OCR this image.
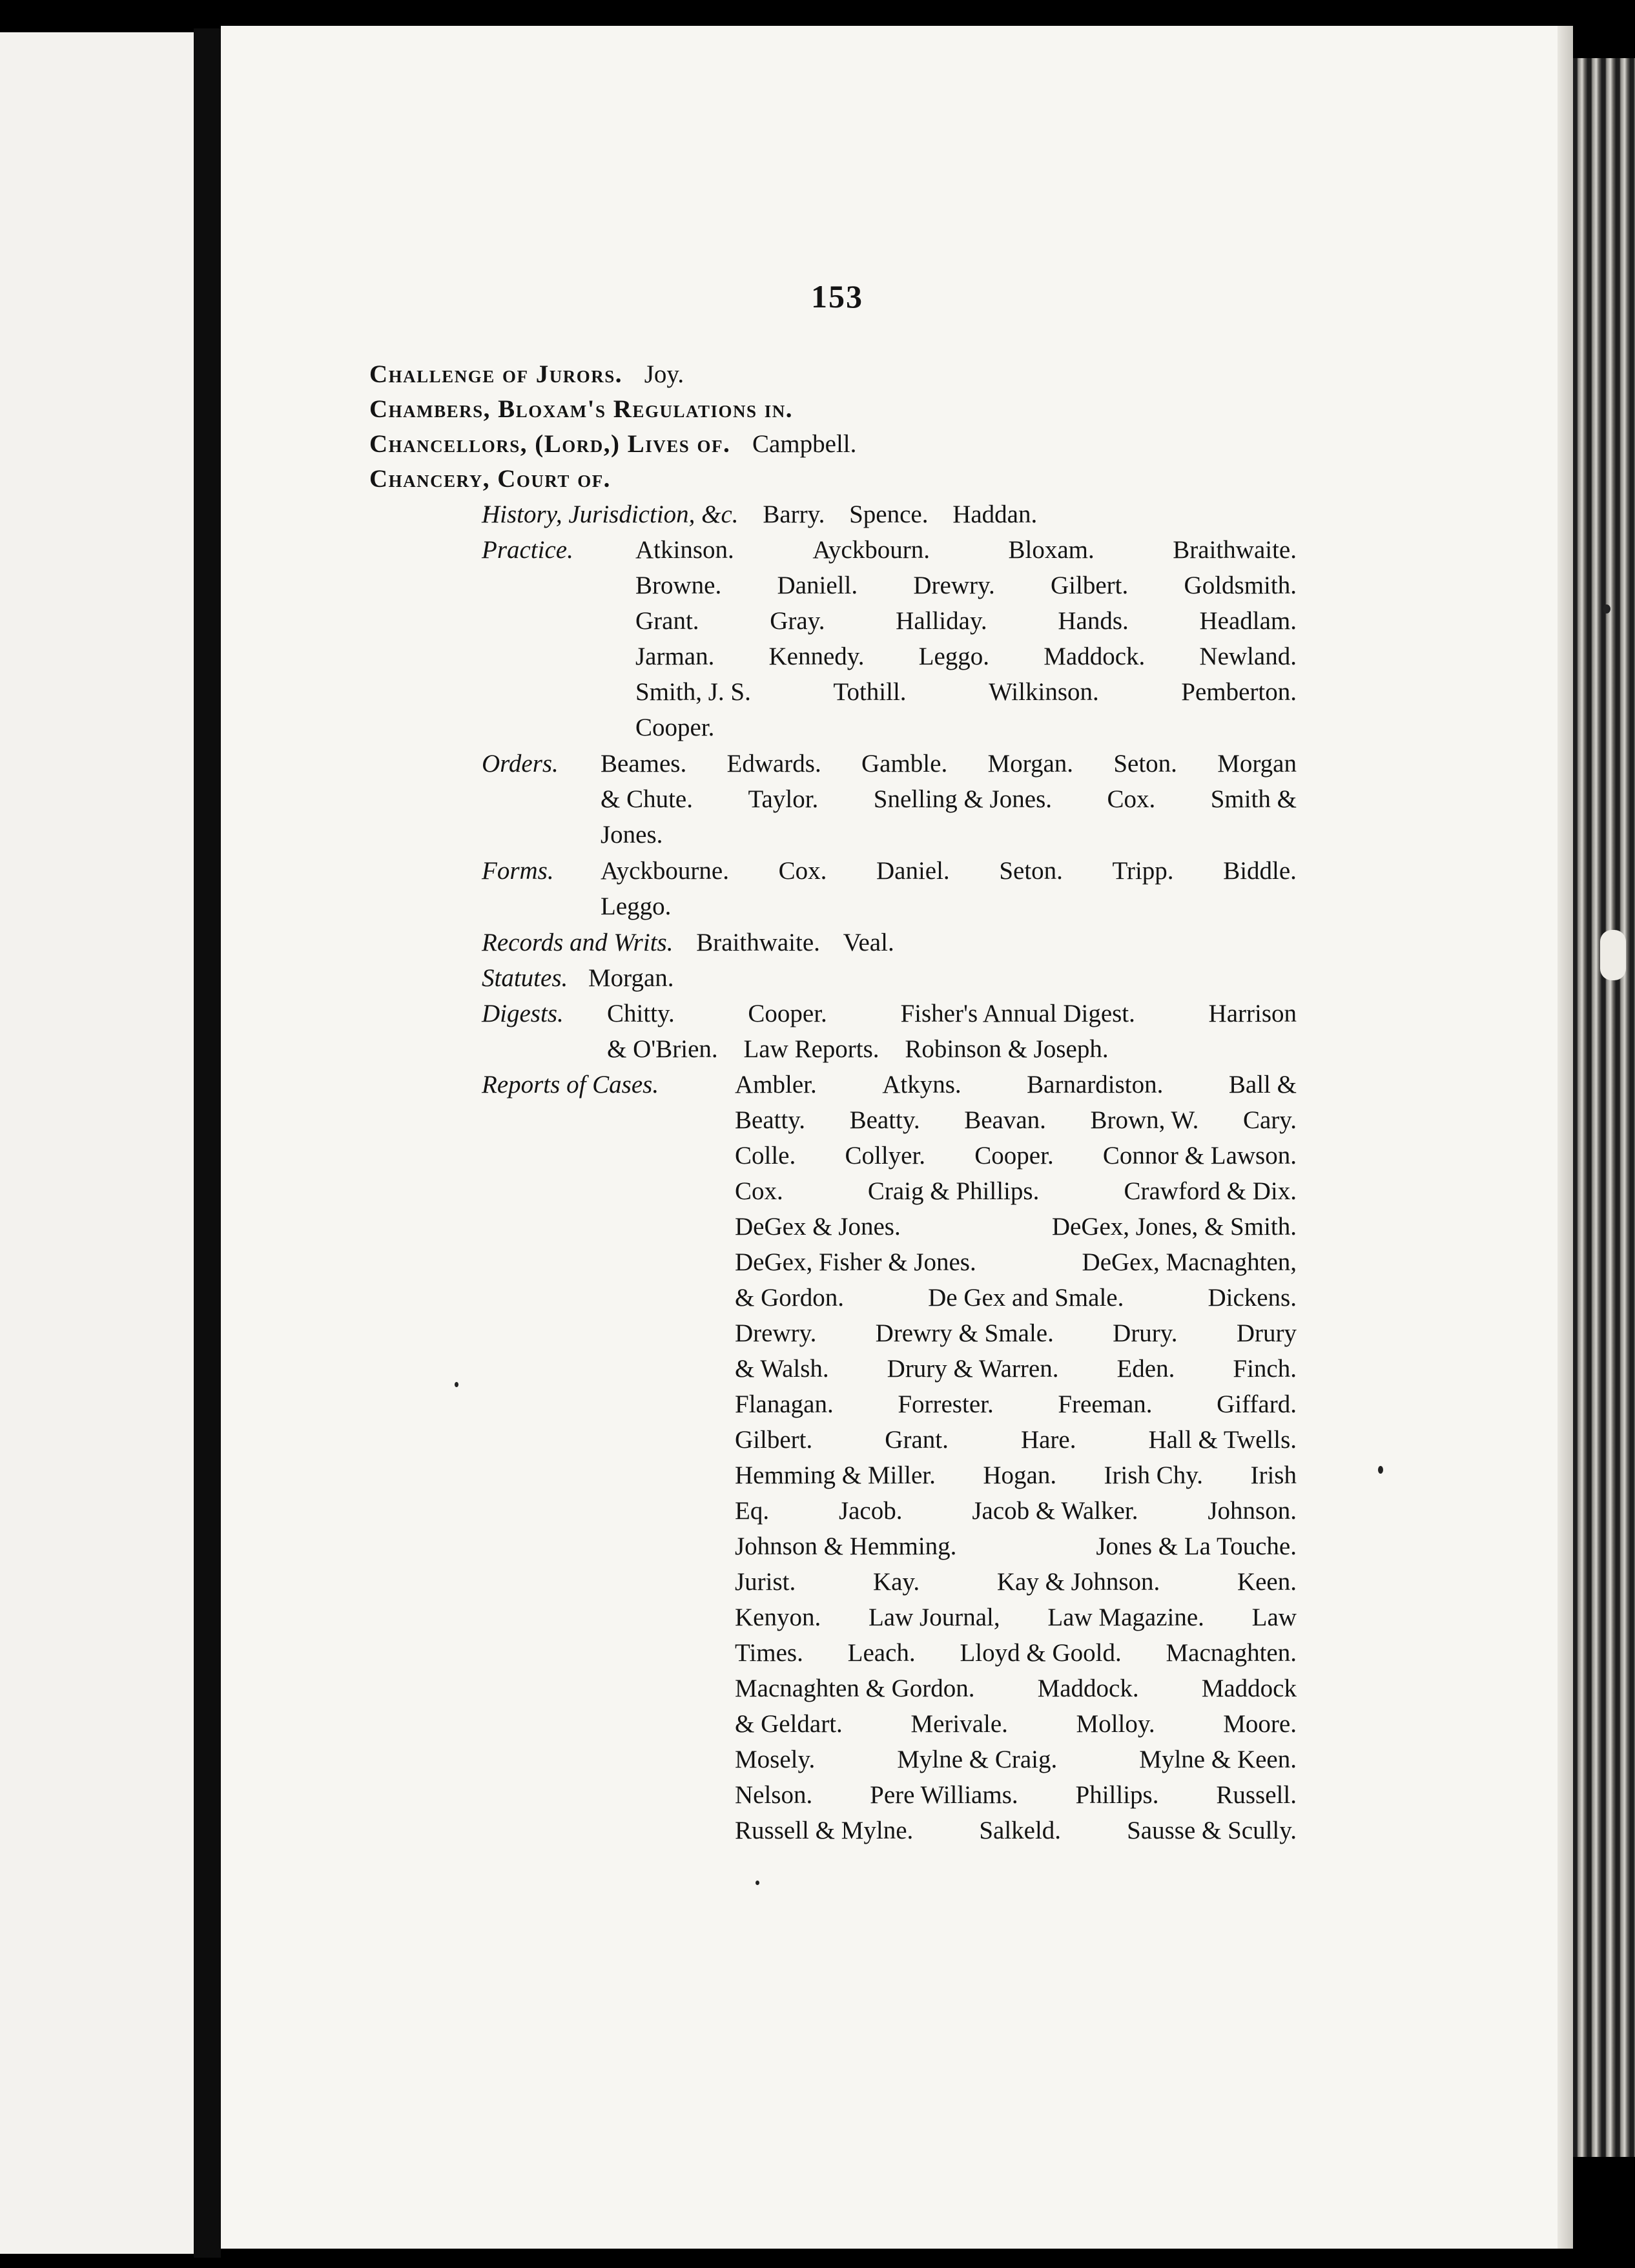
153
Challenge of Jurors. Joy.
Chambers, Bloxam's Regulations in.
Chancellors, (Lord,) Lives of. Campbell.
Chancery, Court of.
History, Jurisdiction, &c. Barry. Spence. Haddan.
Practice. Atkinson.	Ayckbourn.	Bloxam.	Braithwaite.
Browne. Daniell. Drewry. Gilbert. Goldsmith.
Grant.	Gray.	Halliday.	Hands.	Headlam.
Jarman. Kennedy. Leggo. Maddock. Newland.
Smith, J. S.	Tothill.	Wilkinson.	Pemberton.
Cooper.
Orders. Beames. Edwards. Gamble. Morgan. Seton. Morgan
& Chute. Taylor. Snelling & Jones. Cox. Smith &
Jones.
Forms. Ayckbourne. Cox. Daniel. Seton. Tripp. Biddle.
Leggo.
Records and Writs. Braithwaite. Veal.
Statutes. Morgan.
Digests. Chitty.	Cooper.	Fisher's Annual Digest.	Harrison
& O'Brien. Law Reports. Robinson & Joseph.
Reports of Cases.	Ambler.	Atkyns.	Barnardiston.	Ball &
Beatty. Beatty. Beavan. Brown, W. Cary.
Colle. Collyer. Cooper. Connor & Lawson.
Cox.	Craig & Phillips.	Crawford & Dix.
DeGex & Jones.	DeGex, Jones, & Smith.
DeGex, Fisher & Jones.	DeGex, Macnaghten,
& Gordon.	De Gex and Smale.	Dickens.
Drewry. Drewry & Smale. Drury. Drury
& Walsh. Drury & Warren. Eden. Finch.
Flanagan.	Forrester.	Freeman.	Giffard.
Gilbert.	Grant.	Hare.	Hall & Twells.
Hemming & Miller. Hogan. Irish Chy. Irish
Eq.	Jacob.	Jacob & Walker.	Johnson.
Johnson & Hemming.	Jones & La Touche.
Jurist.	Kay.	Kay & Johnson.	Keen.
Kenyon. Law Journal, Law Magazine. Law
Times. Leach. Lloyd & Goold. Macnaghten.
Macnaghten & Gordon. Maddock. Maddock
& Geldart.	Merivale.	Molloy.	Moore.
Mosely.	Mylne & Craig.	Mylne & Keen.
Nelson. Pere Williams. Phillips. Russell.
Russell & Mylne.	Salkeld.	Sausse & Scully.
